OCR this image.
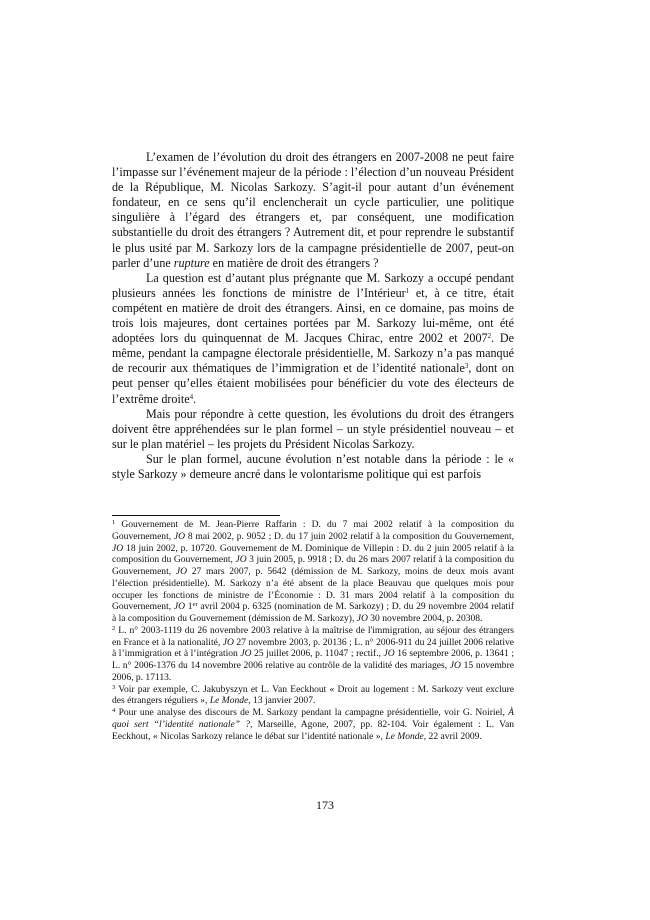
L’examen de l’évolution du droit des étrangers en 2007-2008 ne peut faire l’impasse sur l’événement majeur de la période : l’élection d’un nouveau Président de la République, M. Nicolas Sarkozy. S’agit-il pour autant d’un événement fondateur, en ce sens qu’il enclencherait un cycle particulier, une politique singulière à l’égard des étrangers et, par conséquent, une modification substantielle du droit des étrangers ? Autrement dit, et pour reprendre le substantif le plus usité par M. Sarkozy lors de la campagne présidentielle de 2007, peut-on parler d’une rupture en matière de droit des étrangers ?

La question est d’autant plus prégnante que M. Sarkozy a occupé pendant plusieurs années les fonctions de ministre de l’Intérieur$^1$ et, à ce titre, était compétent en matière de droit des étrangers. Ainsi, en ce domaine, pas moins de trois lois majeures, dont certaines portées par M. Sarkozy lui-même, ont été adoptées lors du quinquennat de M. Jacques Chirac, entre 2002 et 2007$^2$. De même, pendant la campagne électorale présidentielle, M. Sarkozy n’a pas manqué de recourir aux thématiques de l’immigration et de l’identité nationale$^3$, dont on peut penser qu’elles étaient mobilisées pour bénéficier du vote des électeurs de l’extrême droite$^4$.

Mais pour répondre à cette question, les évolutions du droit des étrangers doivent être appréhendées sur le plan formel – un style présidentiel nouveau – et sur le plan matériel – les projets du Président Nicolas Sarkozy.

Sur le plan formel, aucune évolution n’est notable dans la période : le « style Sarkozy » demeure ancré dans le volontarisme politique qui est parfois

$^1$ Gouvernement de M. Jean-Pierre Raffarin : D. du 7 mai 2002 relatif à la composition du Gouvernement, JO 8 mai 2002, p. 9052 ; D. du 17 juin 2002 relatif à la composition du Gouvernement, JO 18 juin 2002, p. 10720. Gouvernement de M. Dominique de Villepin : D. du 2 juin 2005 relatif à la composition du Gouvernement, JO 3 juin 2005, p. 9918 ; D. du 26 mars 2007 relatif à la composition du Gouvernement, JO 27 mars 2007, p. 5642 (démission de M. Sarkozy, moins de deux mois avant l’élection présidentielle). M. Sarkozy n’a été absent de la place Beauvau que quelques mois pour occuper les fonctions de ministre de l’Économie : D. 31 mars 2004 relatif à la composition du Gouvernement, JO 1er avril 2004 p. 6325 (nomination de M. Sarkozy) ; D. du 29 novembre 2004 relatif à la composition du Gouvernement (démission de M. Sarkozy), JO 30 novembre 2004, p. 20308.

$^2$ L. n° 2003-1119 du 26 novembre 2003 relative à la maîtrise de l'immigration, au séjour des étrangers en France et à la nationalité, JO 27 novembre 2003, p. 20136 ; L. n° 2006-911 du 24 juillet 2006 relative à l’immigration et à l’intégration JO 25 juillet 2006, p. 11047 ; rectif., JO 16 septembre 2006, p. 13641 ; L. n° 2006-1376 du 14 novembre 2006 relative au contrôle de la validité des mariages, JO 15 novembre 2006, p. 17113.

$^3$ Voir par exemple, C. Jakubyszyn et L. Van Eeckhout « Droit au logement : M. Sarkozy veut exclure des étrangers réguliers », Le Monde, 13 janvier 2007.

$^4$ Pour une analyse des discours de M. Sarkozy pendant la campagne présidentielle, voir G. Noiriel, À quoi sert “l’identité nationale” ?, Marseille, Agone, 2007, pp. 82-104. Voir également : L. Van Eeckhout, « Nicolas Sarkozy relance le débat sur l’identité nationale », Le Monde, 22 avril 2009.

173
